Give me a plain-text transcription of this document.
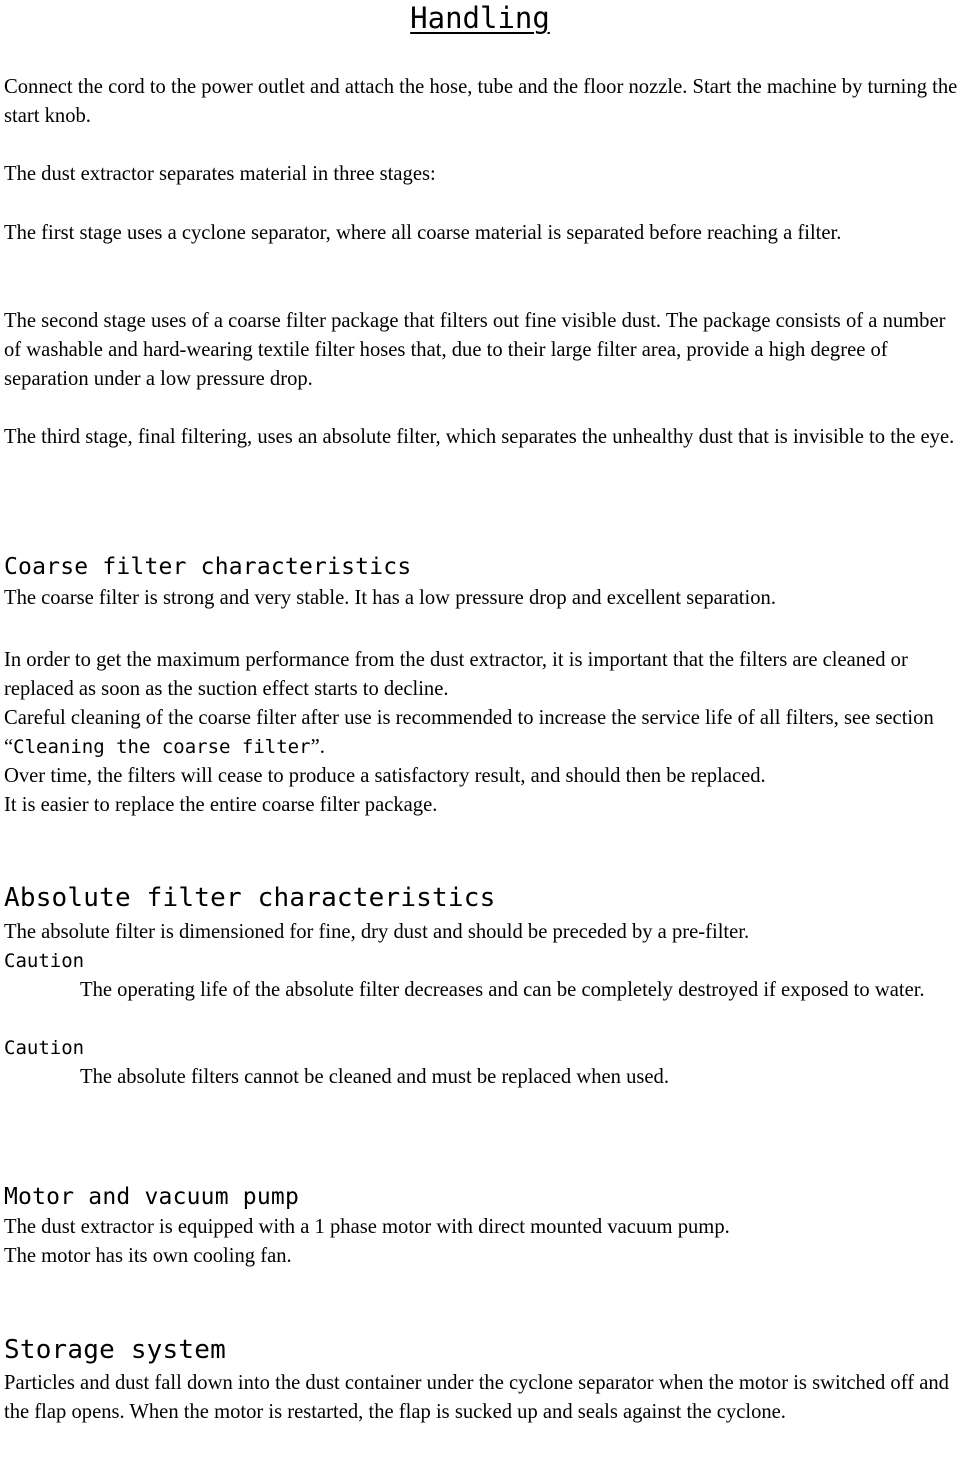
Handling

Connect the cord to the power outlet and attach the hose, tube and the floor nozzle. Start the machine by turning the start knob.

The dust extractor separates material in three stages:

The first stage uses a cyclone separator, where all coarse material is separated before reaching a filter.

The second stage uses of a coarse filter package that filters out fine visible dust. The package consists of a number of washable and hard-wearing textile filter hoses that, due to their large filter area, provide a high degree of separation under a low pressure drop.

The third stage, final filtering, uses an absolute filter, which separates the unhealthy dust that is invisible to the eye.

Coarse filter characteristics

The coarse filter is strong and very stable. It has a low pressure drop and excellent separation.

In order to get the maximum performance from the dust extractor, it is important that the filters are cleaned or replaced as soon as the suction effect starts to decline.

Careful cleaning of the coarse filter after use is recommended to increase the service life of all filters, see section “Cleaning the coarse filter”.

Over time, the filters will cease to produce a satisfactory result, and should then be replaced.

It is easier to replace the entire coarse filter package.

Absolute filter characteristics

The absolute filter is dimensioned for fine, dry dust and should be preceded by a pre-filter.

Caution

The operating life of the absolute filter decreases and can be completely destroyed if exposed to water.

Caution

The absolute filters cannot be cleaned and must be replaced when used.

Motor and vacuum pump

The dust extractor is equipped with a 1 phase motor with direct mounted vacuum pump.

The motor has its own cooling fan.

Storage system

Particles and dust fall down into the dust container under the cyclone separator when the motor is switched off and the flap opens. When the motor is restarted, the flap is sucked up and seals against the cyclone.
